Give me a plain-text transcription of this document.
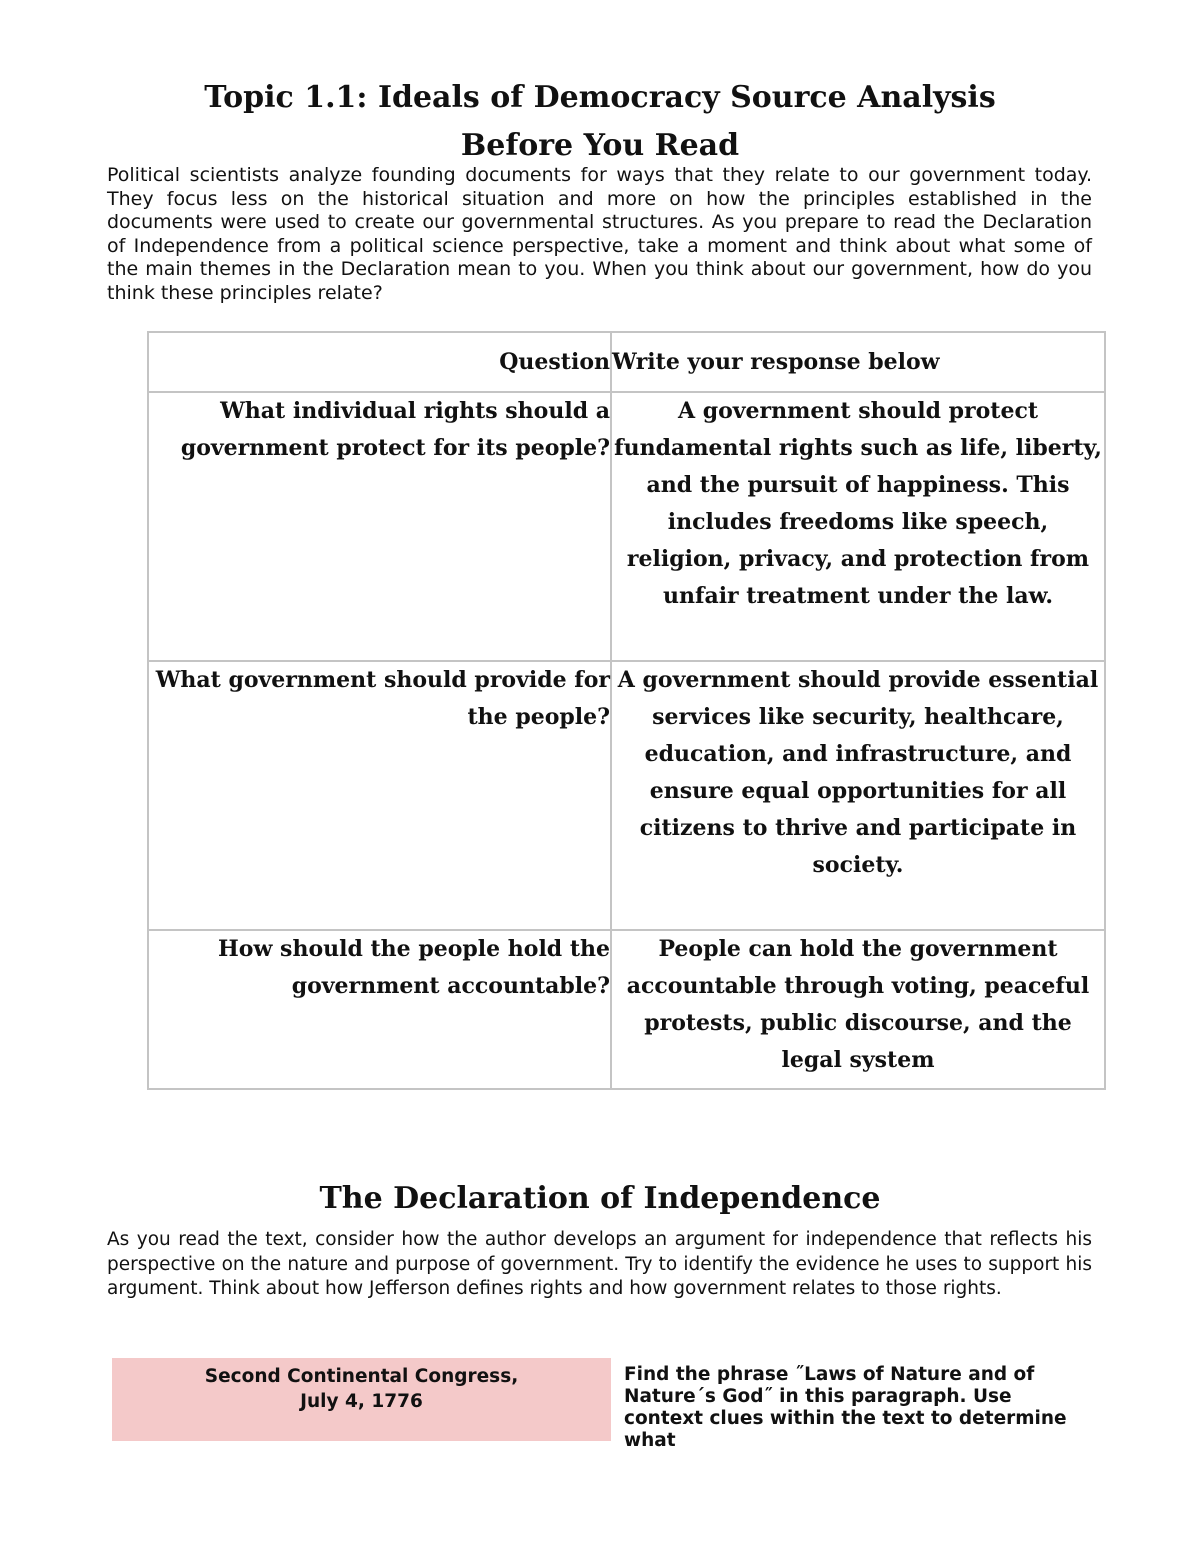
Topic 1.1: Ideals of Democracy Source Analysis
Before You Read

Political scientists analyze founding documents for ways that they relate to our government today. They focus less on the historical situation and more on how the principles established in the documents were used to create our governmental structures. As you prepare to read the Declaration of Independence from a political science perspective, take a moment and think about what some of the main themes in the Declaration mean to you. When you think about our government, how do you think these principles relate?

Question	Write your response below
What individual rights should a government protect for its people?	A government should protect fundamental rights such as life, liberty, and the pursuit of happiness. This includes freedoms like speech, religion, privacy, and protection from unfair treatment under the law.
What government should provide for the people?	A government should provide essential services like security, healthcare, education, and infrastructure, and ensure equal opportunities for all citizens to thrive and participate in society.
How should the people hold the government accountable?	People can hold the government accountable through voting, peaceful protests, public discourse, and the legal system
The Declaration of Independence

As you read the text, consider how the author develops an argument for independence that reflects his perspective on the nature and purpose of government. Try to identify the evidence he uses to support his argument. Think about how Jefferson defines rights and how government relates to those rights.

Second Continental Congress,
July 4, 1776

Find the phrase ˝Laws of Nature and of Nature´s God˝ in this paragraph. Use context clues within the text to determine what
